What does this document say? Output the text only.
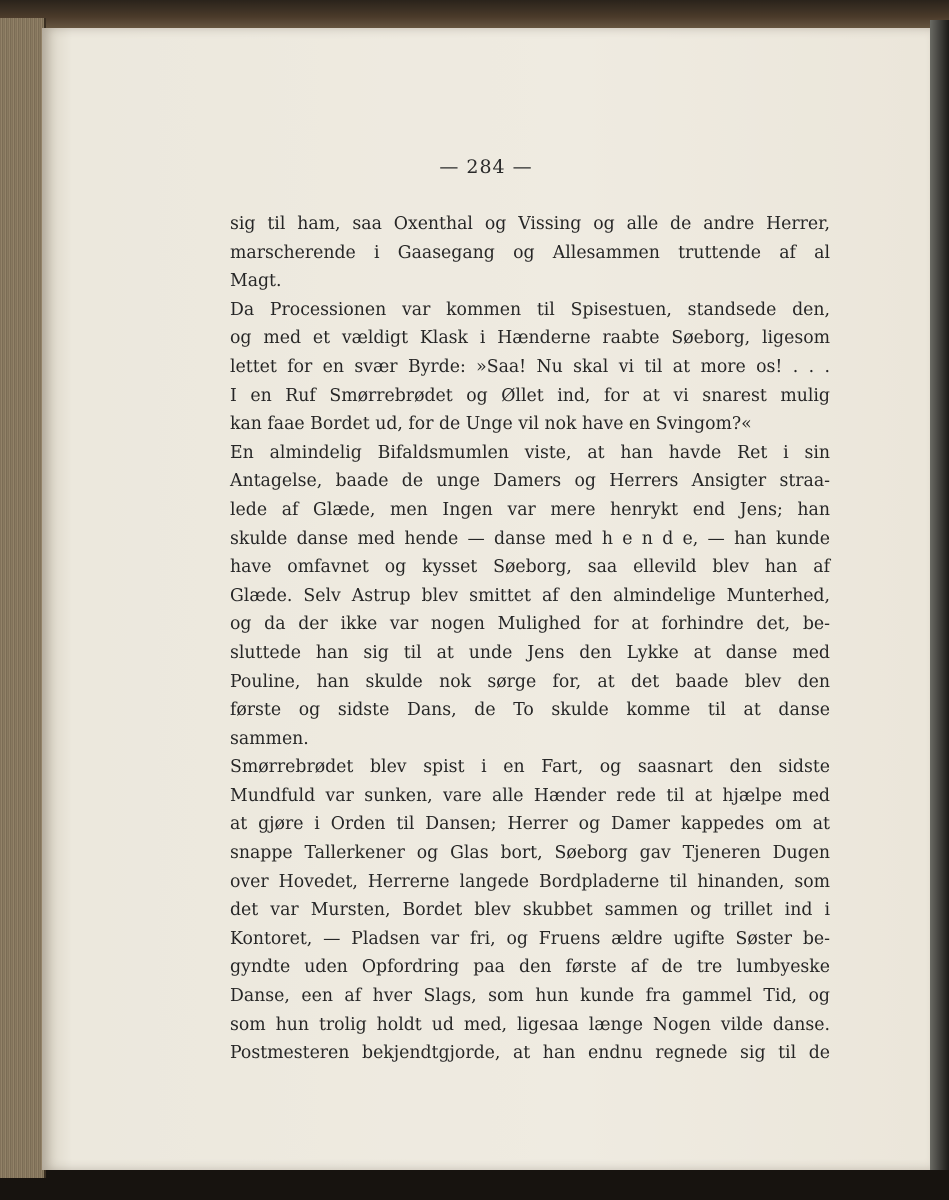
— 284 —
sig til ham, saa Oxenthal og Vissing og alle de andre Herrer,
marscherende i Gaasegang og Allesammen truttende af al
Magt.
Da Processionen var kommen til Spisestuen, standsede den,
og med et vældigt Klask i Hænderne raabte Søeborg, ligesom
lettet for en svær Byrde: »Saa! Nu skal vi til at more os! . . .
I en Ruf Smørrebrødet og Øllet ind, for at vi snarest mulig
kan faae Bordet ud, for de Unge vil nok have en Svingom?«
En almindelig Bifaldsmumlen viste, at han havde Ret i sin
Antagelse, baade de unge Damers og Herrers Ansigter straa-
lede af Glæde, men Ingen var mere henrykt end Jens; han
skulde danse med hende — danse med h e n d e, — han kunde
have omfavnet og kysset Søeborg, saa ellevild blev han af
Glæde. Selv Astrup blev smittet af den almindelige Munterhed,
og da der ikke var nogen Mulighed for at forhindre det, be-
sluttede han sig til at unde Jens den Lykke at danse med
Pouline, han skulde nok sørge for, at det baade blev den
første og sidste Dans, de To skulde komme til at danse
sammen.
Smørrebrødet blev spist i en Fart, og saasnart den sidste
Mundfuld var sunken, vare alle Hænder rede til at hjælpe med
at gjøre i Orden til Dansen; Herrer og Damer kappedes om at
snappe Tallerkener og Glas bort, Søeborg gav Tjeneren Dugen
over Hovedet, Herrerne langede Bordpladerne til hinanden, som
det var Mursten, Bordet blev skubbet sammen og trillet ind i
Kontoret, — Pladsen var fri, og Fruens ældre ugifte Søster be-
gyndte uden Opfordring paa den første af de tre lumbyeske
Danse, een af hver Slags, som hun kunde fra gammel Tid, og
som hun trolig holdt ud med, ligesaa længe Nogen vilde danse.
Postmesteren bekjendtgjorde, at han endnu regnede sig til de
